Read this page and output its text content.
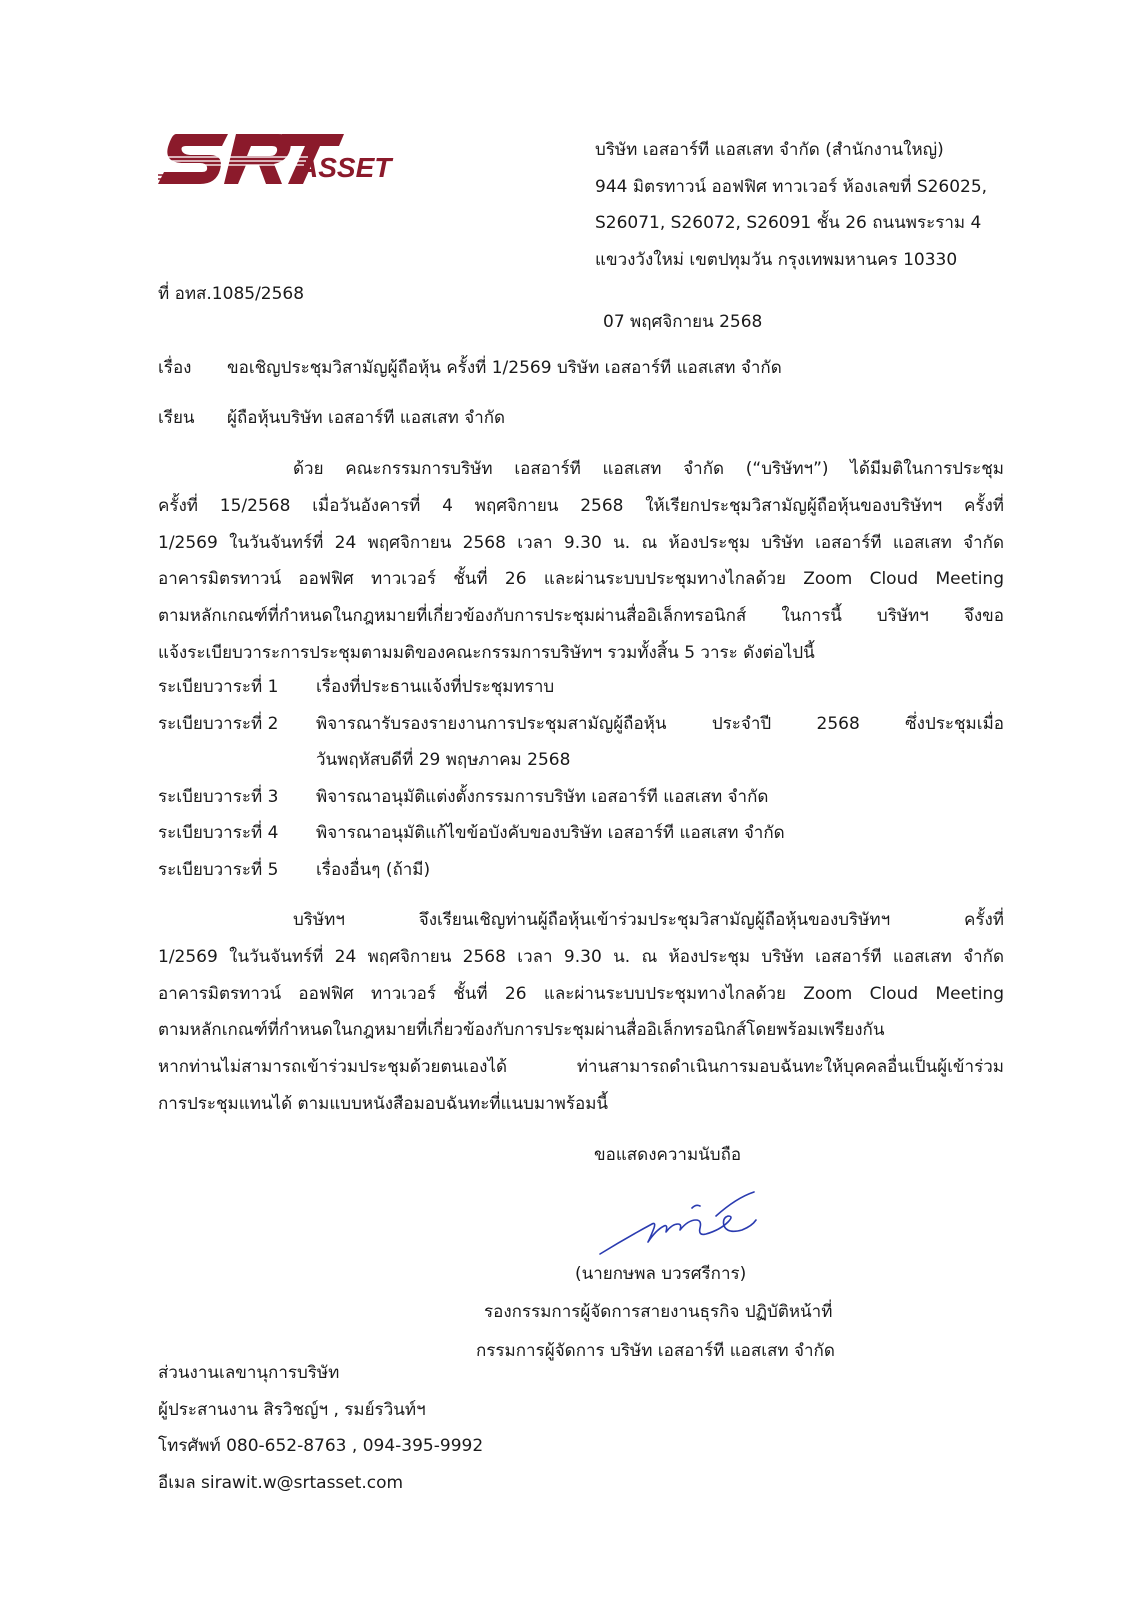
ASSET
บริษัท เอสอาร์ที แอสเสท จำกัด (สำนักงานใหญ่)
944 มิตรทาวน์ ออฟฟิศ ทาวเวอร์ ห้องเลขที่ S26025,
S26071, S26072, S26091 ชั้น 26 ถนนพระราม 4
แขวงวังใหม่ เขตปทุมวัน กรุงเทพมหานคร 10330
ที่ อทส.1085/2568
07 พฤศจิกายน 2568
เรื่อง ขอเชิญประชุมวิสามัญผู้ถือหุ้น ครั้งที่ 1/2569 บริษัท เอสอาร์ที แอสเสท จำกัด
เรียน ผู้ถือหุ้นบริษัท เอสอาร์ที แอสเสท จำกัด
ด้วย คณะกรรมการบริษัท เอสอาร์ที แอสเสท จำกัด (“บริษัทฯ”) ได้มีมติในการประชุม
ครั้งที่ 15/2568 เมื่อวันอังคารที่ 4 พฤศจิกายน 2568 ให้เรียกประชุมวิสามัญผู้ถือหุ้นของบริษัทฯ ครั้งที่
1/2569 ในวันจันทร์ที่ 24 พฤศจิกายน 2568 เวลา 9.30 น. ณ ห้องประชุม บริษัท เอสอาร์ที แอสเสท จำกัด
อาคารมิตรทาวน์ ออฟฟิศ ทาวเวอร์ ชั้นที่ 26 และผ่านระบบประชุมทางไกลด้วย Zoom Cloud Meeting
ตามหลักเกณฑ์ที่กำหนดในกฎหมายที่เกี่ยวข้องกับการประชุมผ่านสื่ออิเล็กทรอนิกส์ ในการนี้ บริษัทฯ จึงขอ
แจ้งระเบียบวาระการประชุมตามมติของคณะกรรมการบริษัทฯ รวมทั้งสิ้น 5 วาระ ดังต่อไปนี้
ระเบียบวาระที่ 1	เรื่องที่ประธานแจ้งที่ประชุมทราบ
ระเบียบวาระที่ 2	พิจารณารับรองรายงานการประชุมสามัญผู้ถือหุ้น ประจำปี 2568 ซึ่งประชุมเมื่อ
วันพฤหัสบดีที่ 29 พฤษภาคม 2568
ระเบียบวาระที่ 3	พิจารณาอนุมัติแต่งตั้งกรรมการบริษัท เอสอาร์ที แอสเสท จำกัด
ระเบียบวาระที่ 4	พิจารณาอนุมัติแก้ไขข้อบังคับของบริษัท เอสอาร์ที แอสเสท จำกัด
ระเบียบวาระที่ 5	เรื่องอื่นๆ (ถ้ามี)
บริษัทฯ จึงเรียนเชิญท่านผู้ถือหุ้นเข้าร่วมประชุมวิสามัญผู้ถือหุ้นของบริษัทฯ ครั้งที่
1/2569 ในวันจันทร์ที่ 24 พฤศจิกายน 2568 เวลา 9.30 น. ณ ห้องประชุม บริษัท เอสอาร์ที แอสเสท จำกัด
อาคารมิตรทาวน์ ออฟฟิศ ทาวเวอร์ ชั้นที่ 26 และผ่านระบบประชุมทางไกลด้วย Zoom Cloud Meeting
ตามหลักเกณฑ์ที่กำหนดในกฎหมายที่เกี่ยวข้องกับการประชุมผ่านสื่ออิเล็กทรอนิกส์โดยพร้อมเพรียงกัน
หากท่านไม่สามารถเข้าร่วมประชุมด้วยตนเองได้ ท่านสามารถดำเนินการมอบฉันทะให้บุคคลอื่นเป็นผู้เข้าร่วม
การประชุมแทนได้ ตามแบบหนังสือมอบฉันทะที่แนบมาพร้อมนี้
ขอแสดงความนับถือ
(นายกษพล บวรศรีการ)
รองกรรมการผู้จัดการสายงานธุรกิจ ปฏิบัติหน้าที่
กรรมการผู้จัดการ บริษัท เอสอาร์ที แอสเสท จำกัด
ส่วนงานเลขานุการบริษัท
ผู้ประสานงาน สิรวิชญ์ฯ , รมย์รวินท์ฯ
โทรศัพท์ 080-652-8763 , 094-395-9992
อีเมล sirawit.w@srtasset.com
